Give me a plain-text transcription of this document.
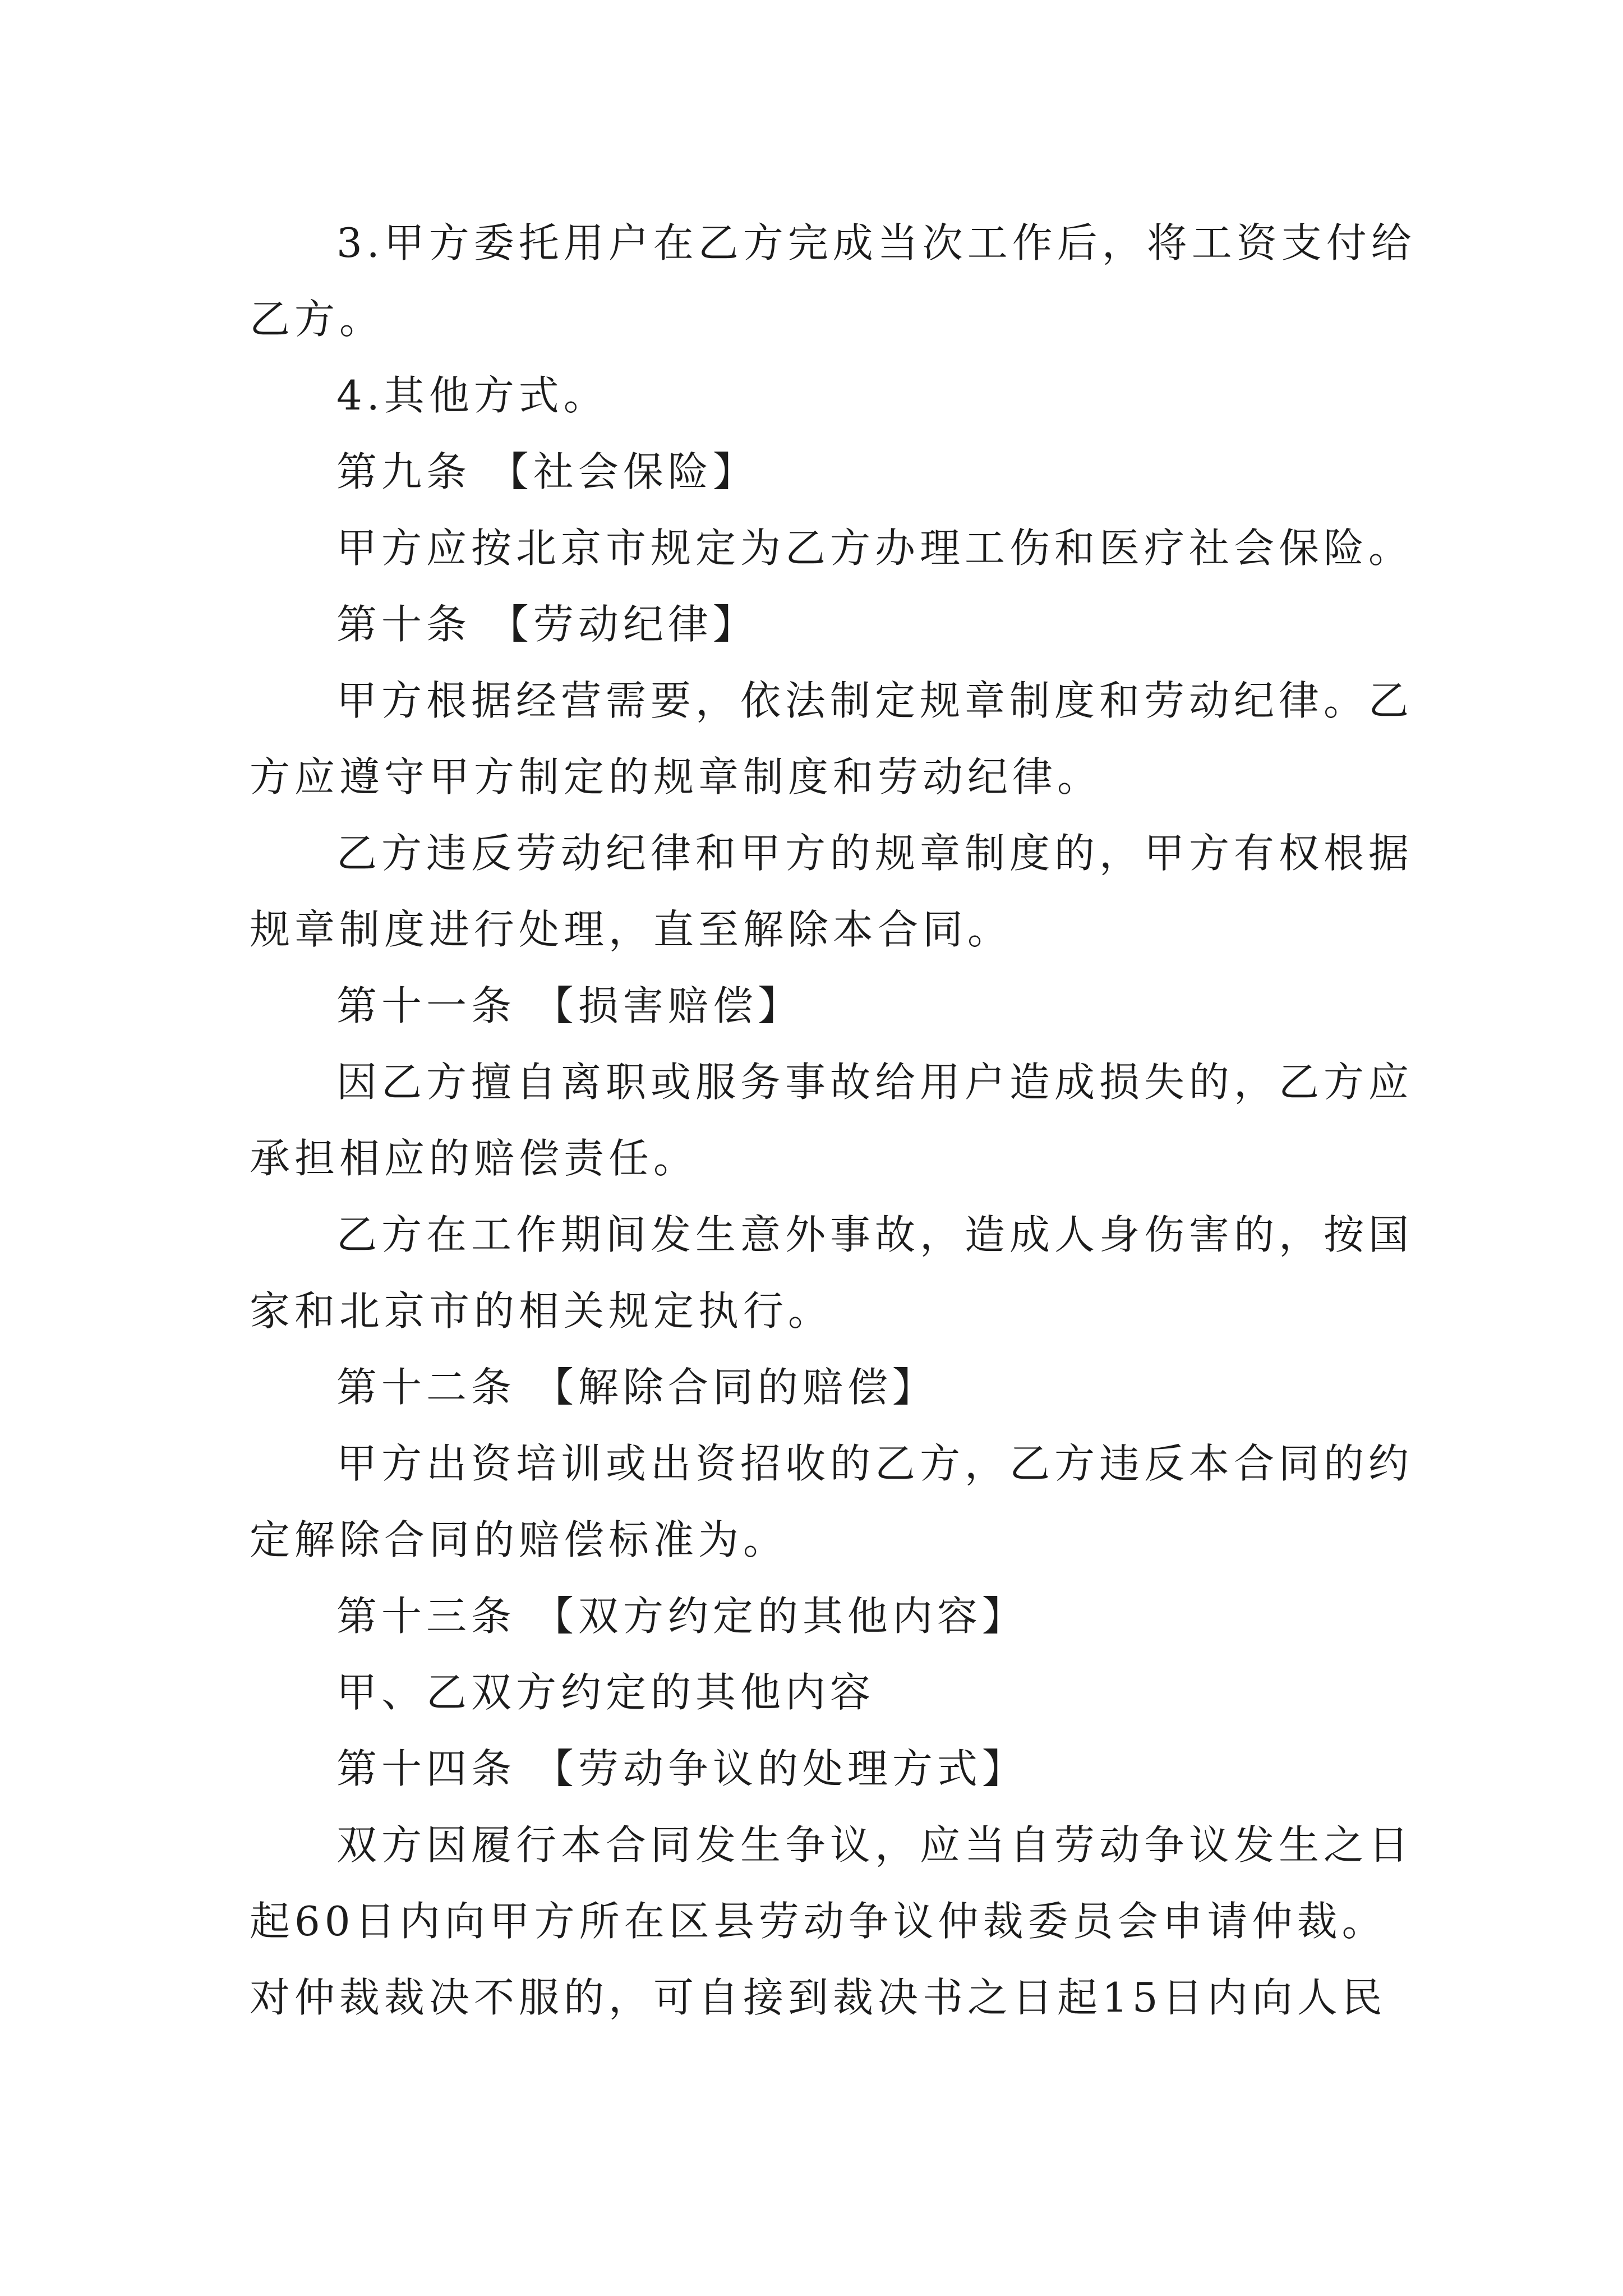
3.甲方委托用户在乙方完成当次工作后，将工资支付给
乙方。
4.其他方式。
第九条 【社会保险】
甲方应按北京市规定为乙方办理工伤和医疗社会保险。
第十条 【劳动纪律】
甲方根据经营需要，依法制定规章制度和劳动纪律。乙
方应遵守甲方制定的规章制度和劳动纪律。
乙方违反劳动纪律和甲方的规章制度的，甲方有权根据
规章制度进行处理，直至解除本合同。
第十一条 【损害赔偿】
因乙方擅自离职或服务事故给用户造成损失的，乙方应
承担相应的赔偿责任。
乙方在工作期间发生意外事故，造成人身伤害的，按国
家和北京市的相关规定执行。
第十二条 【解除合同的赔偿】
甲方出资培训或出资招收的乙方，乙方违反本合同的约
定解除合同的赔偿标准为。
第十三条 【双方约定的其他内容】
甲、乙双方约定的其他内容
第十四条 【劳动争议的处理方式】
双方因履行本合同发生争议，应当自劳动争议发生之日
起60日内向甲方所在区县劳动争议仲裁委员会申请仲裁。
对仲裁裁决不服的，可自接到裁决书之日起15日内向人民
